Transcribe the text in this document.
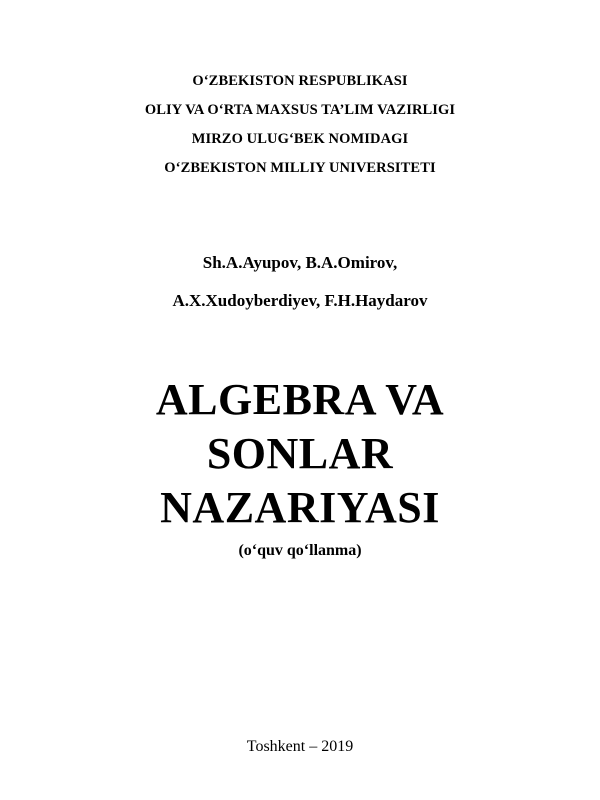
O‘ZBEKISTON RESPUBLIKASI
OLIY VA O‘RTA MAXSUS TA’LIM VAZIRLIGI
MIRZO ULUG‘BEK NOMIDAGI
O‘ZBEKISTON MILLIY UNIVERSITETI
Sh.A.Ayupov, B.A.Omirov,
A.X.Xudoyberdiyev, F.H.Haydarov
ALGEBRA VA
SONLAR
NAZARIYASI
(o‘quv qo‘llanma)
Toshkent – 2019
